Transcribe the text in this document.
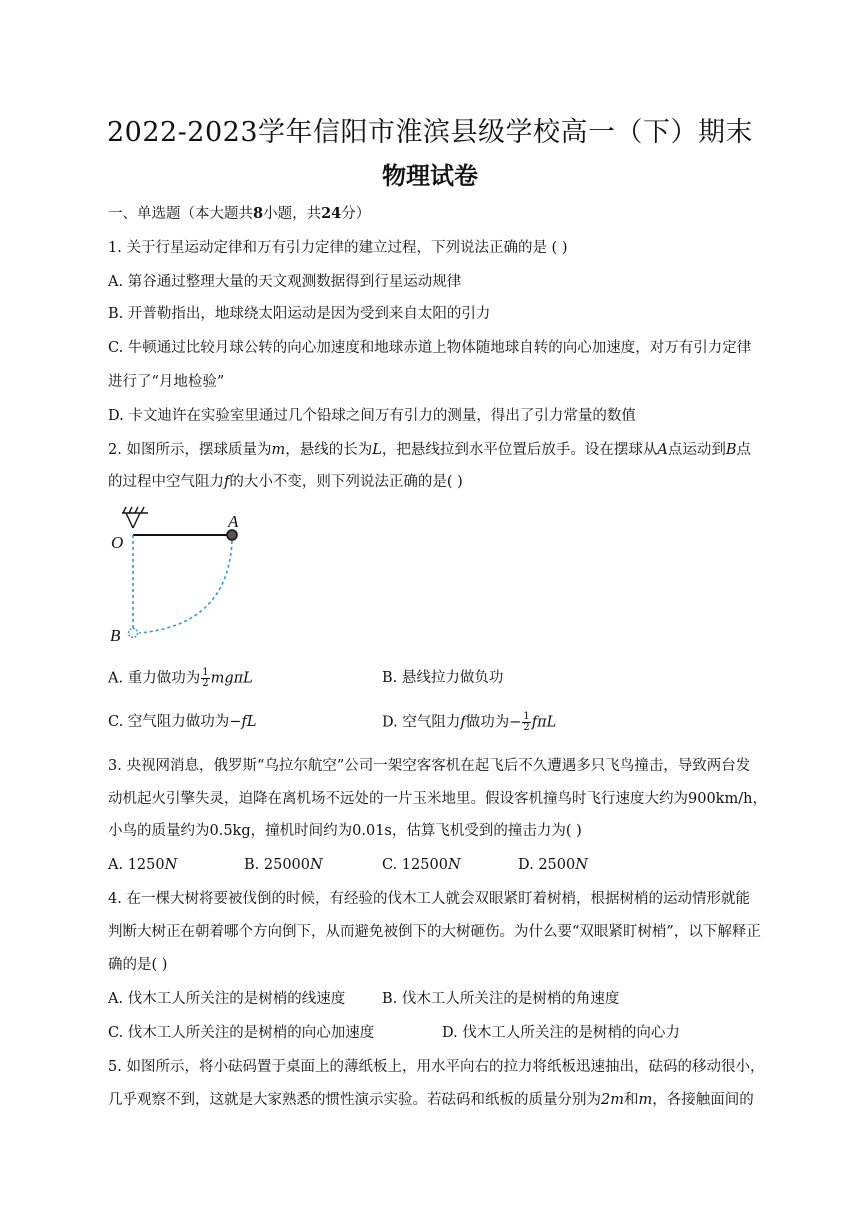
2022-2023学年信阳市淮滨县级学校高一（下）期末
物理试卷
一、单选题（本大题共8小题，共24分）
1. 关于行星运动定律和万有引力定律的建立过程，下列说法正确的是 ( )
A. 第谷通过整理大量的天文观测数据得到行星运动规律
B. 开普勒指出，地球绕太阳运动是因为受到来自太阳的引力
C. 牛顿通过比较月球公转的向心加速度和地球赤道上物体随地球自转的向心加速度，对万有引力定律
进行了“月地检验”
D. 卡文迪许在实验室里通过几个铅球之间万有引力的测量，得出了引力常量的数值
2. 如图所示，摆球质量为m，悬线的长为L，把悬线拉到水平位置后放手。设在摆球从A点运动到B点
的过程中空气阻力f的大小不变，则下列说法正确的是( )
O
A
B
A. 重力做功为 $\frac{1}{2}$ mgπL	B. 悬线拉力做负功
C. 空气阻力做功为−fL	D. 空气阻力f做功为− $\frac{1}{2}$ fπL
3. 央视网消息，俄罗斯“乌拉尔航空”公司一架空客客机在起飞后不久遭遇多只飞鸟撞击，导致两台发
动机起火引擎失灵，迫降在离机场不远处的一片玉米地里。假设客机撞鸟时飞行速度大约为900km/h，
小鸟的质量约为0.5kg，撞机时间约为0.01s，估算飞机受到的撞击力为( )
A. 1250N	B. 25000N	C. 12500N	D. 2500N
4. 在一棵大树将要被伐倒的时候，有经验的伐木工人就会双眼紧盯着树梢，根据树梢的运动情形就能
判断大树正在朝着哪个方向倒下，从而避免被倒下的大树砸伤。为什么要“双眼紧盯树梢”，以下解释正
确的是( )
A. 伐木工人所关注的是树梢的线速度	B. 伐木工人所关注的是树梢的角速度
C. 伐木工人所关注的是树梢的向心加速度	D. 伐木工人所关注的是树梢的向心力
5. 如图所示，将小砝码置于桌面上的薄纸板上，用水平向右的拉力将纸板迅速抽出，砝码的移动很小，
几乎观察不到，这就是大家熟悉的惯性演示实验。若砝码和纸板的质量分别为2m和m，各接触面间的
